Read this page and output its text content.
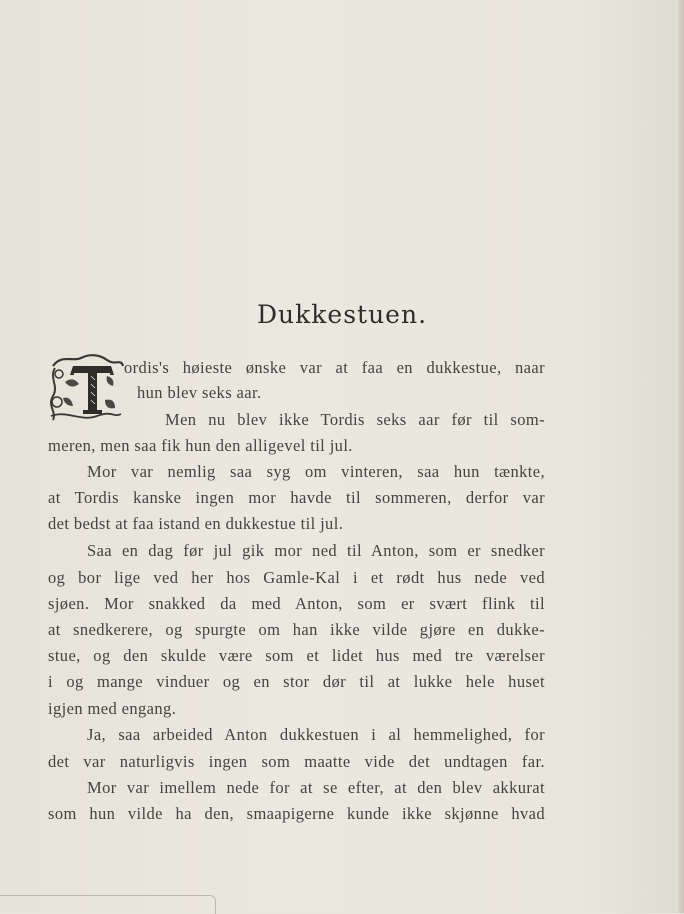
Dukkestuen.
ordis's høieste ønske var at faa en dukkestue, naar
hun blev seks aar.
Men nu blev ikke Tordis seks aar før til som-
meren, men saa fik hun den alligevel til jul.
Mor var nemlig saa syg om vinteren, saa hun tænkte,
at Tordis kanske ingen mor havde til sommeren, derfor var
det bedst at faa istand en dukkestue til jul.
Saa en dag før jul gik mor ned til Anton, som er snedker
og bor lige ved her hos Gamle-Kal i et rødt hus nede ved
sjøen. Mor snakked da med Anton, som er svært flink til
at snedkerere, og spurgte om han ikke vilde gjøre en dukke-
stue, og den skulde være som et lidet hus med tre værelser
i og mange vinduer og en stor dør til at lukke hele huset
igjen med engang.
Ja, saa arbeided Anton dukkestuen i al hemmelighed, for
det var naturligvis ingen som maatte vide det undtagen far.
Mor var imellem nede for at se efter, at den blev akkurat
som hun vilde ha den, smaapigerne kunde ikke skjønne hvad
